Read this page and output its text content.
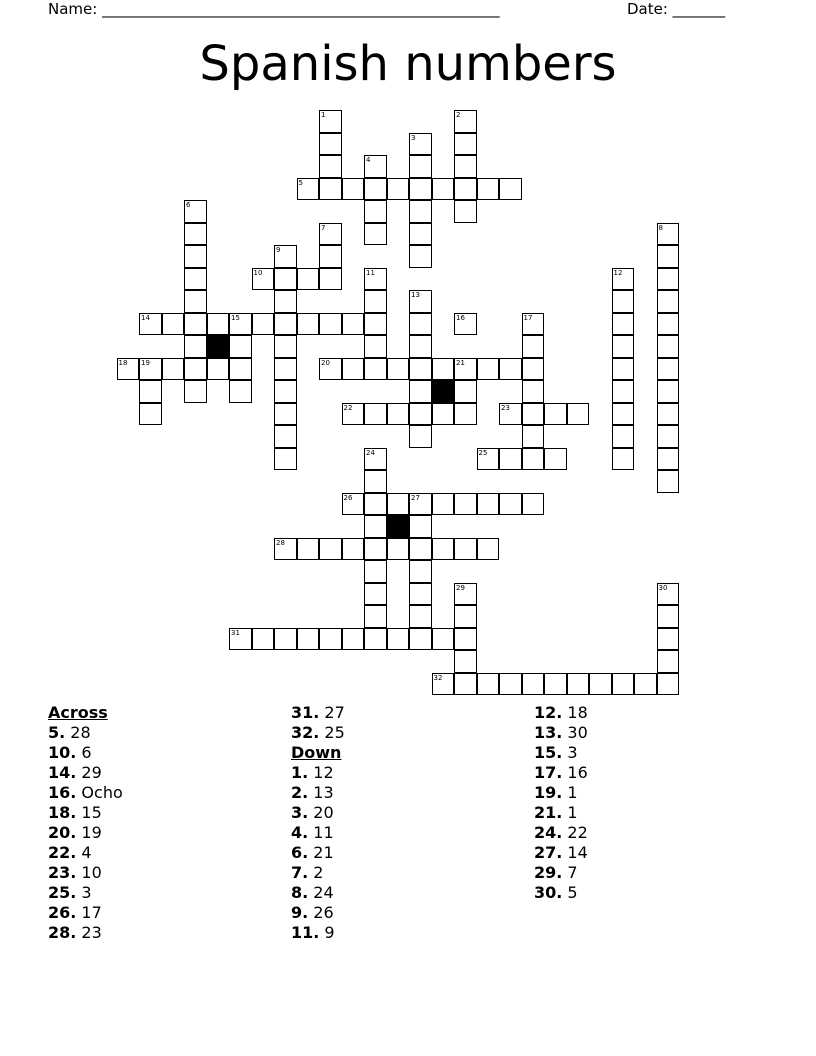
Name: _____________________________________________________	Date: _______
Spanish numbers
1	2
3
4
5
6
7	8
9
10	11	12
13
14	15	16	17
18 19	20	21
22	23
24	25
26	27
28
29	30
31
32
Across
5. 28
10. 6
14. 29
16. Ocho
18. 15
20. 19
22. 4
23. 10
25. 3
26. 17
28. 23
31. 27
32. 25
Down
1. 12
2. 13
3. 20
4. 11
6. 21
7. 2
8. 24
9. 26
11. 9
12. 18
13. 30
15. 3
17. 16
19. 1
21. 1
24. 22
27. 14
29. 7
30. 5
